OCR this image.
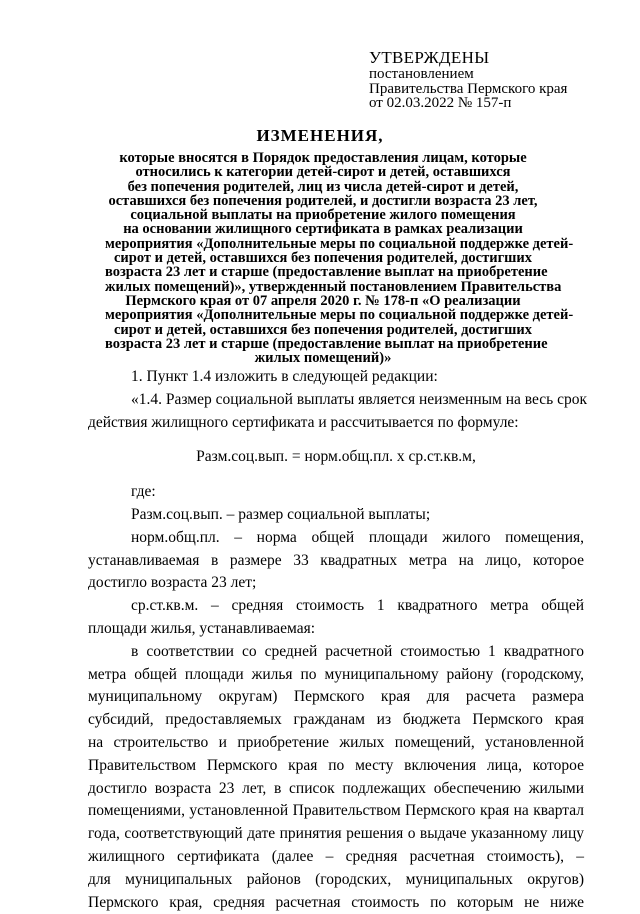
УТВЕРЖДЕНЫ
постановлением
Правительства Пермского края
от 02.03.2022 № 157-п
ИЗМЕНЕНИЯ,
которые вносятся в Порядок предоставления лицам, которые
относились к категории детей-сирот и детей, оставшихся
без попечения родителей, лиц из числа детей-сирот и детей,
оставшихся без попечения родителей, и достигли возраста 23 лет,
социальной выплаты на приобретение жилого помещения
на основании жилищного сертификата в рамках реализации
мероприятия «Дополнительные меры по социальной поддержке детей-
сирот и детей, оставшихся без попечения родителей, достигших
возраста 23 лет и старше (предоставление выплат на приобретение
жилых помещений)», утвержденный постановлением Правительства
Пермского края от 07 апреля 2020 г. № 178-п «О реализации
мероприятия «Дополнительные меры по социальной поддержке детей-
сирот и детей, оставшихся без попечения родителей, достигших
возраста 23 лет и старше (предоставление выплат на приобретение
жилых помещений)»
1. Пункт 1.4 изложить в следующей редакции:
«1.4. Размер социальной выплаты является неизменным на весь срок
действия жилищного сертификата и рассчитывается по формуле:
Разм.соц.вып. = норм.общ.пл. х ср.ст.кв.м,
где:
Разм.соц.вып. – размер социальной выплаты;
норм.общ.пл. – норма общей площади жилого помещения,
устанавливаемая в размере 33 квадратных метра на лицо, которое
достигло возраста 23 лет;
ср.ст.кв.м. – средняя стоимость 1 квадратного метра общей
площади жилья, устанавливаемая:
в соответствии со средней расчетной стоимостью 1 квадратного
метра общей площади жилья по муниципальному району (городскому,
муниципальному округам) Пермского края для расчета размера
субсидий, предоставляемых гражданам из бюджета Пермского края
на строительство и приобретение жилых помещений, установленной
Правительством Пермского края по месту включения лица, которое
достигло возраста 23 лет, в список подлежащих обеспечению жилыми
помещениями, установленной Правительством Пермского края на квартал
года, соответствующий дате принятия решения о выдаче указанному лицу
жилищного сертификата (далее – средняя расчетная стоимость), –
для муниципальных районов (городских, муниципальных округов)
Пермского края, средняя расчетная стоимость по которым не ниже
